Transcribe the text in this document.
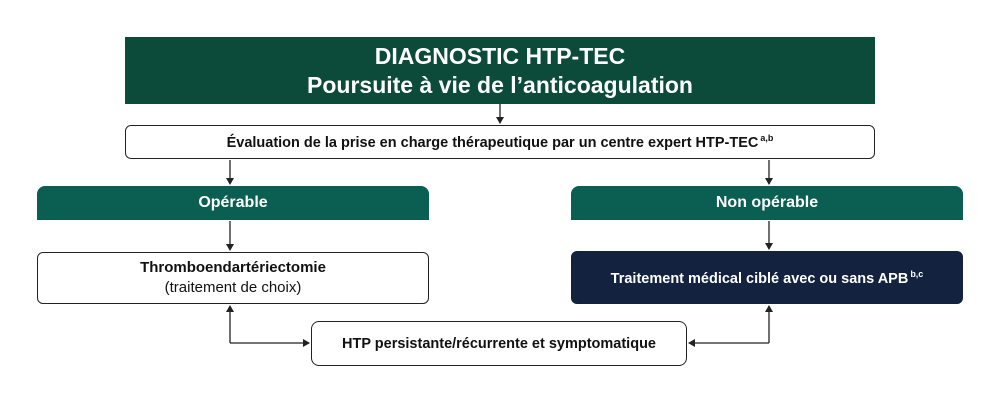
DIAGNOSTIC HTP-TEC
Poursuite à vie de l’anticoagulation
Évaluation de la prise en charge thérapeutique par un centre expert HTP-TEC $^{a,b}$
Opérable	Non opérable
Thromboendartériectomie
(traitement de choix)
Traitement médical ciblé avec ou sans APB $^{b,c}$
HTP persistante/récurrente et symptomatique
